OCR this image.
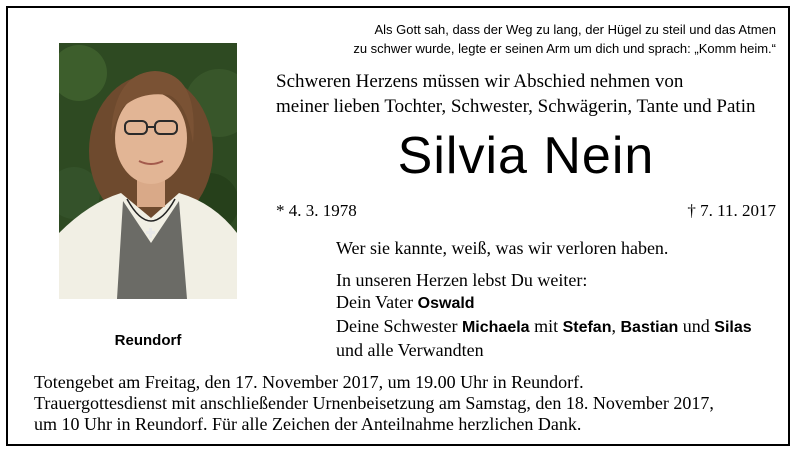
Als Gott sah, dass der Weg zu lang, der Hügel zu steil und das Atmen
zu schwer wurde, legte er seinen Arm um dich und sprach: „Komm heim.“
Reundorf
Schweren Herzens müssen wir Abschied nehmen von
meiner lieben Tochter, Schwester, Schwägerin, Tante und Patin
Silvia Nein
* 4. 3. 1978	† 7. 11. 2017
Wer sie kannte, weiß, was wir verloren haben.
In unseren Herzen lebst Du weiter:
Dein Vater Oswald
Deine Schwester Michaela mit Stefan, Bastian und Silas
und alle Verwandten
Totengebet am Freitag, den 17. November 2017, um 19.00 Uhr in Reundorf.
Trauergottesdienst mit anschließender Urnenbeisetzung am Samstag, den 18. November 2017,
um 10 Uhr in Reundorf. Für alle Zeichen der Anteilnahme herzlichen Dank.
